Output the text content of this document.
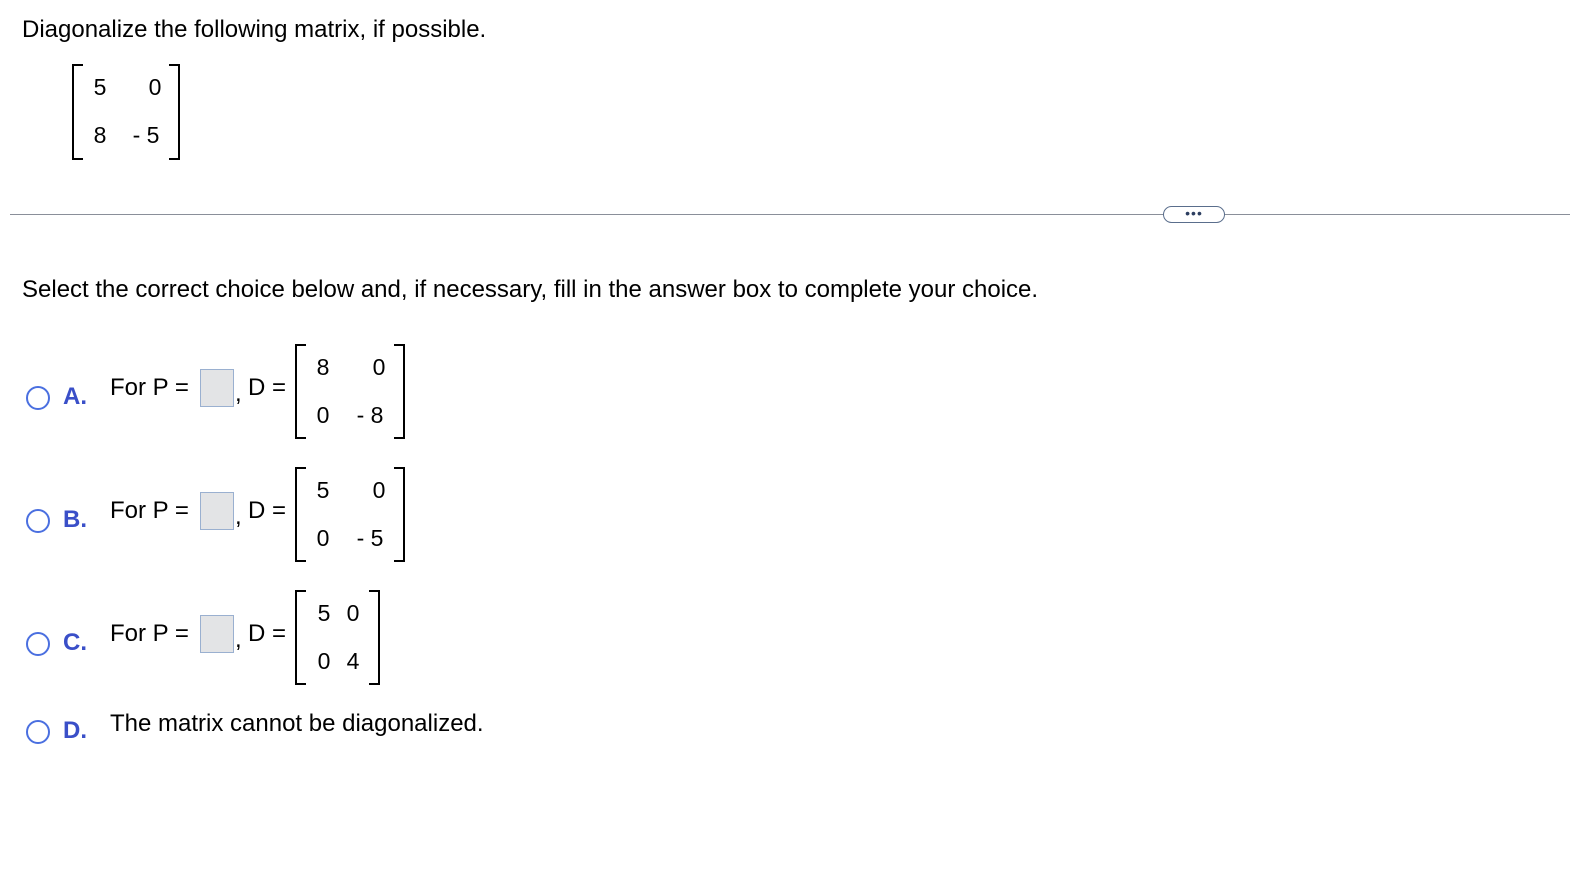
Diagonalize the following matrix, if possible.
5 0
8 - 5
•••
Select the correct choice below and, if necessary, fill in the answer box to complete your choice.
A. For P = , D =
8 0
0 - 8
B. For P = , D =
5 0
0 - 5
C. For P = , D =
5 0
0 4
D. The matrix cannot be diagonalized.
